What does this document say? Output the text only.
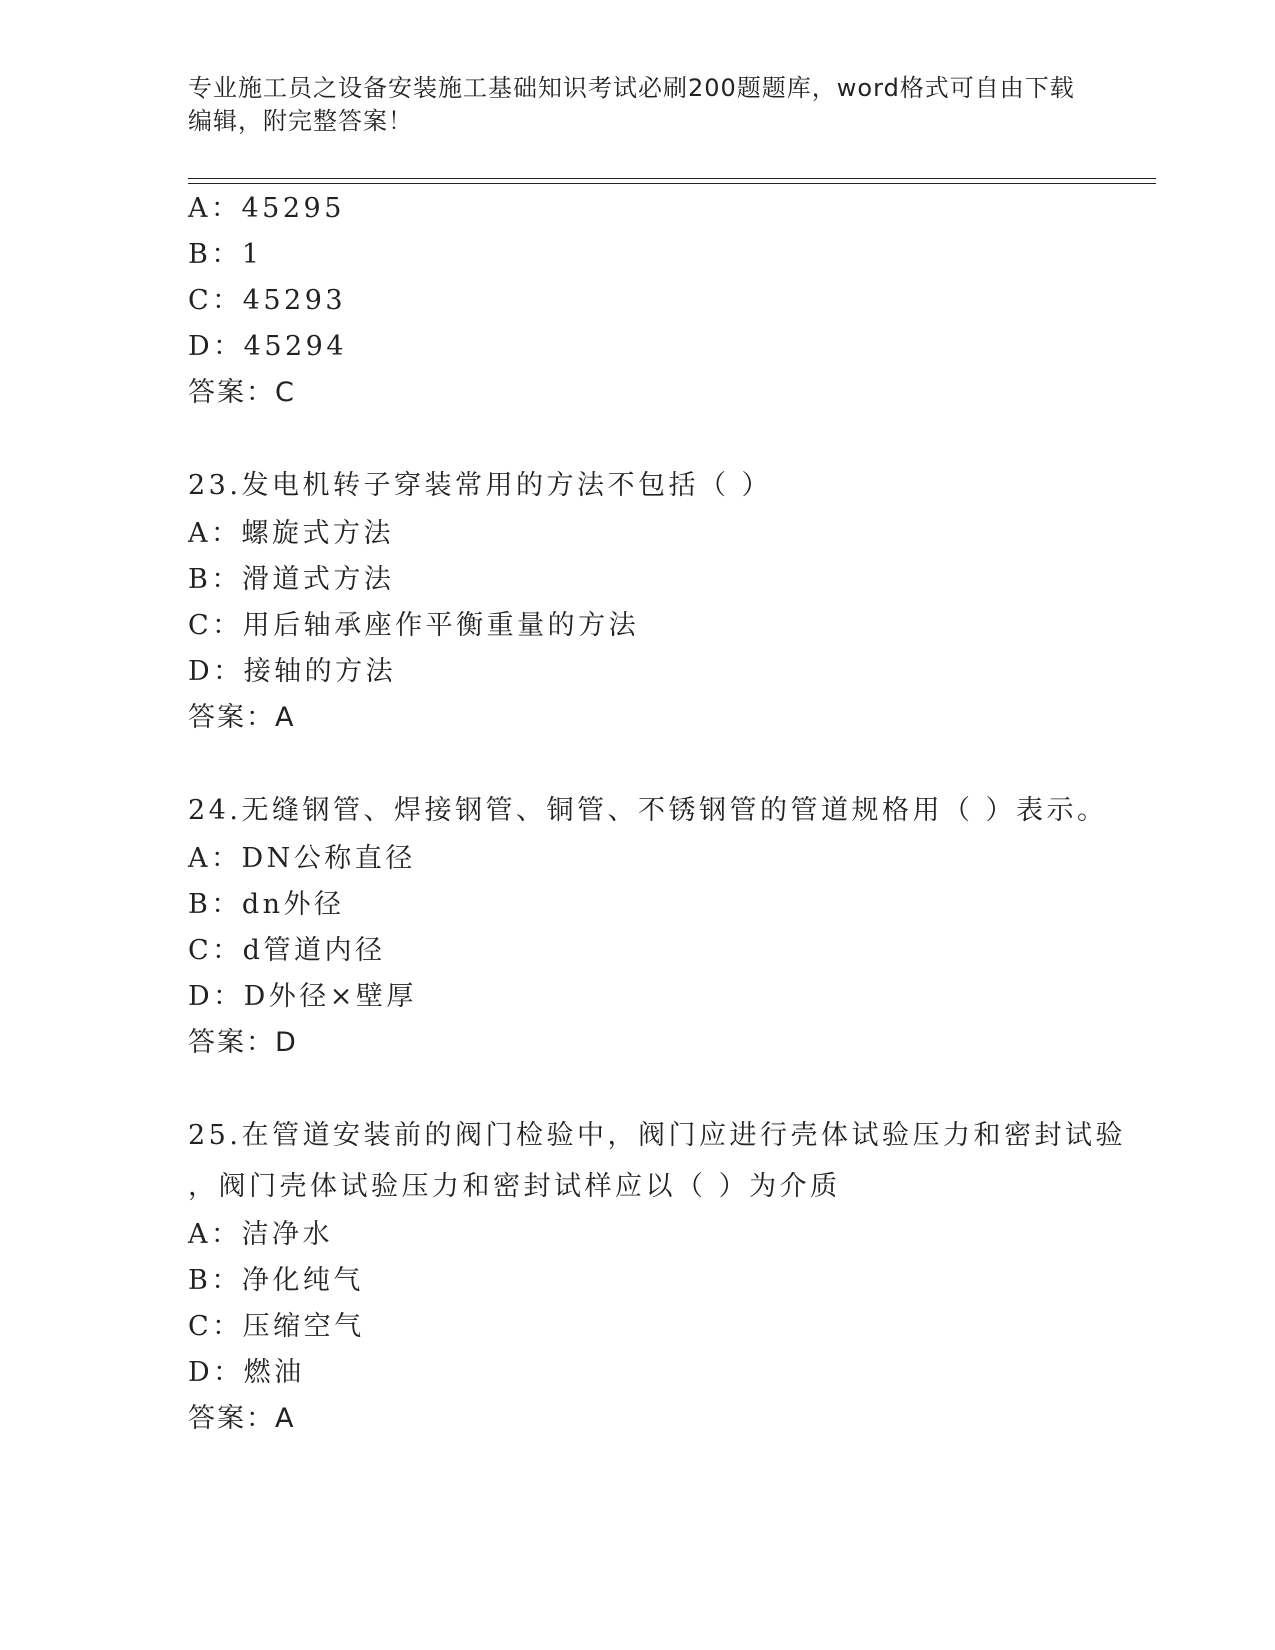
专业施工员之设备安装施工基础知识考试必刷200题题库，word格式可自由下载
编辑，附完整答案！

A：45295

B：1

C：45293

D：45294

答案：C

23.发电机转子穿装常用的方法不包括（ ）

A：螺旋式方法

B：滑道式方法

C：用后轴承座作平衡重量的方法

D：接轴的方法

答案：A

24.无缝钢管、焊接钢管、铜管、不锈钢管的管道规格用（ ）表示。

A：DN公称直径

B：dn外径

C：d管道内径

D：D外径×壁厚

答案：D

25.在管道安装前的阀门检验中，阀门应进行壳体试验压力和密封试验

，阀门壳体试验压力和密封试样应以（ ）为介质

A：洁净水

B：净化纯气

C：压缩空气

D：燃油

答案：A
